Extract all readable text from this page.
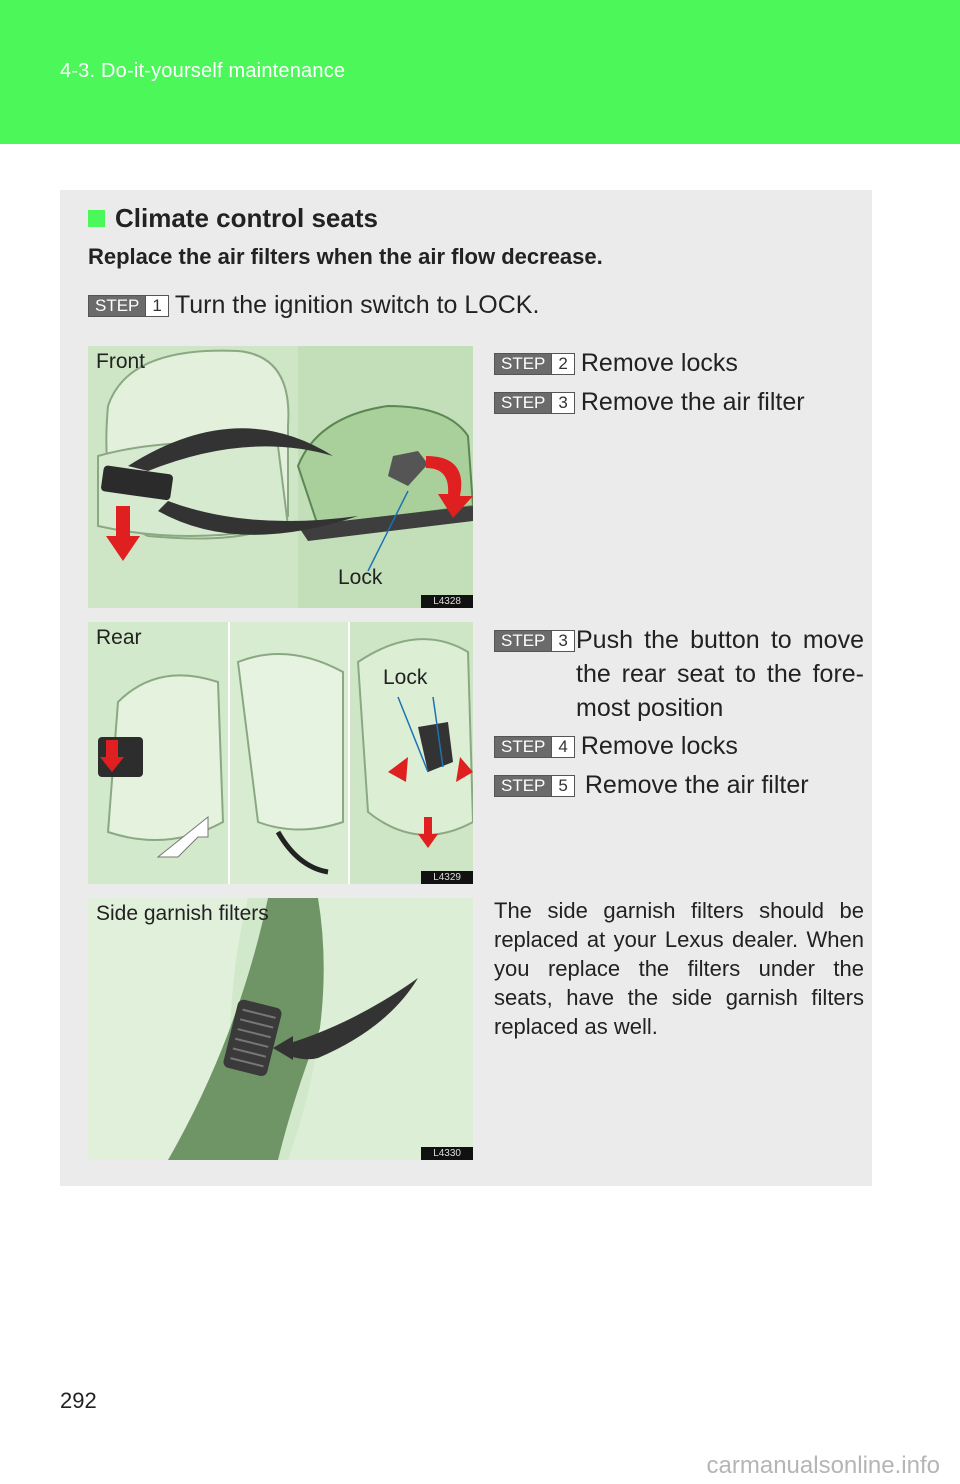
4-3. Do-it-yourself maintenance
Climate control seats
Replace the air filters when the air flow decrease.
STEP 1 Turn the ignition switch to LOCK.
Front
Lock
L4328
STEP 2 Remove locks
STEP 3 Remove the air filter
Rear
Lock
L4329
STEP 3 Push the button to move
the rear seat to the fore-
most position
STEP 4 Remove locks
STEP 5 Remove the air filter
Side garnish filters
L4330
The side garnish filters should be replaced at your Lexus dealer. When you replace the filters under the seats, have the side garnish filters replaced as well.
292
carmanualsonline.info
